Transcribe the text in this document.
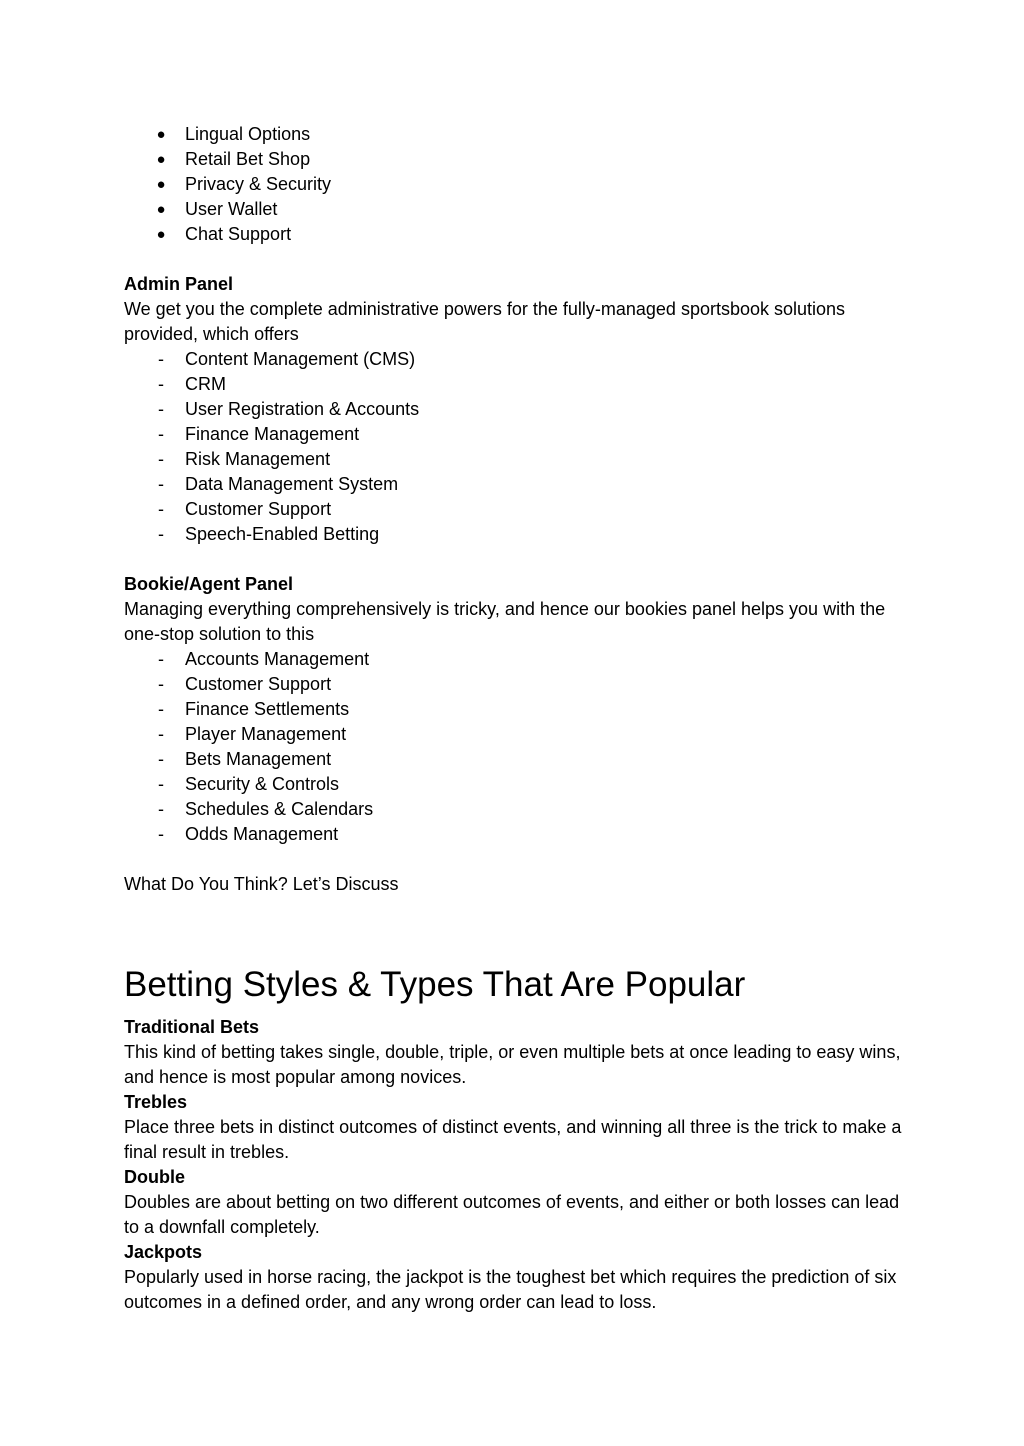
● Lingual Options
● Retail Bet Shop
● Privacy & Security
● User Wallet
● Chat Support
Admin Panel

We get you the complete administrative powers for the fully-managed sportsbook solutions provided, which offers

- Content Management (CMS)
- CRM
- User Registration & Accounts
- Finance Management
- Risk Management
- Data Management System
- Customer Support
- Speech-Enabled Betting
Bookie/Agent Panel

Managing everything comprehensively is tricky, and hence our bookies panel helps you with the one-stop solution to this

- Accounts Management
- Customer Support
- Finance Settlements
- Player Management
- Bets Management
- Security & Controls
- Schedules & Calendars
- Odds Management

What Do You Think? Let’s Discuss

Betting Styles & Types That Are Popular
Traditional Bets

This kind of betting takes single, double, triple, or even multiple bets at once leading to easy wins, and hence is most popular among novices.

Trebles

Place three bets in distinct outcomes of distinct events, and winning all three is the trick to make a final result in trebles.

Double

Doubles are about betting on two different outcomes of events, and either or both losses can lead to a downfall completely.

Jackpots

Popularly used in horse racing, the jackpot is the toughest bet which requires the prediction of six outcomes in a defined order, and any wrong order can lead to loss.
